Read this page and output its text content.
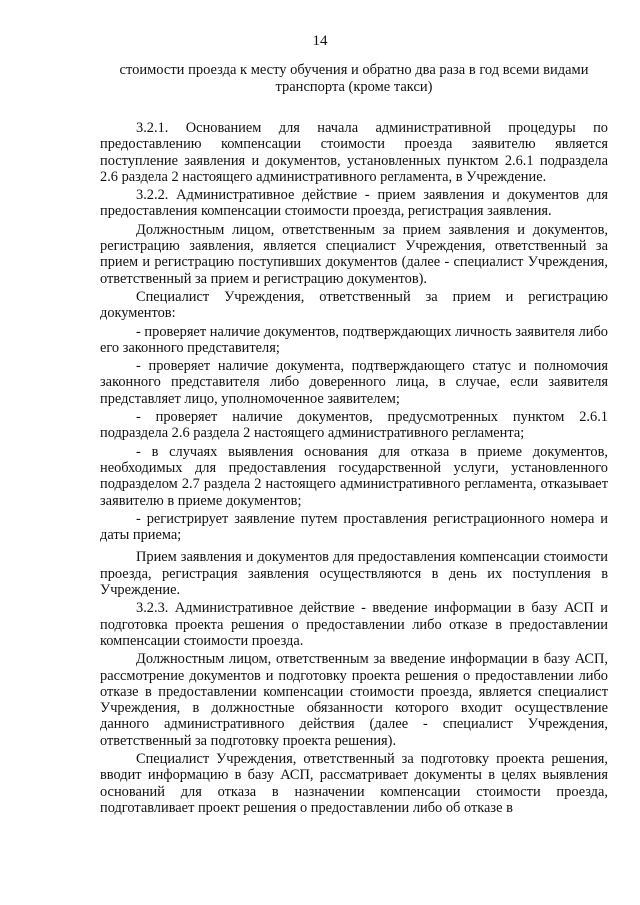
14
стоимости проезда к месту обучения и обратно два раза в год всеми видами транспорта (кроме такси)

3.2.1. Основанием для начала административной процедуры по предоставлению компенсации стоимости проезда заявителю является поступление заявления и документов, установленных пунктом 2.6.1 подраздела 2.6 раздела 2 настоящего административного регламента, в Учреждение.

3.2.2. Административное действие - прием заявления и документов для предоставления компенсации стоимости проезда, регистрация заявления.

Должностным лицом, ответственным за прием заявления и документов, регистрацию заявления, является специалист Учреждения, ответственный за прием и регистрацию поступивших документов (далее - специалист Учреждения, ответственный за прием и регистрацию документов).

Специалист Учреждения, ответственный за прием и регистрацию документов:

- проверяет наличие документов, подтверждающих личность заявителя либо его законного представителя;

- проверяет наличие документа, подтверждающего статус и полномочия законного представителя либо доверенного лица, в случае, если заявителя представляет лицо, уполномоченное заявителем;

- проверяет наличие документов, предусмотренных пунктом 2.6.1 подраздела 2.6 раздела 2 настоящего административного регламента;

- в случаях выявления основания для отказа в приеме документов, необходимых для предоставления государственной услуги, установленного подразделом 2.7 раздела 2 настоящего административного регламента, отказывает заявителю в приеме документов;

- регистрирует заявление путем проставления регистрационного номера и даты приема;

Прием заявления и документов для предоставления компенсации стоимости проезда, регистрация заявления осуществляются в день их поступления в Учреждение.

3.2.3. Административное действие - введение информации в базу АСП и подготовка проекта решения о предоставлении либо отказе в предоставлении компенсации стоимости проезда.

Должностным лицом, ответственным за введение информации в базу АСП, рассмотрение документов и подготовку проекта решения о предоставлении либо отказе в предоставлении компенсации стоимости проезда, является специалист Учреждения, в должностные обязанности которого входит осуществление данного административного действия (далее - специалист Учреждения, ответственный за подготовку проекта решения).

Специалист Учреждения, ответственный за подготовку проекта решения, вводит информацию в базу АСП, рассматривает документы в целях выявления оснований для отказа в назначении компенсации стоимости проезда, подготавливает проект решения о предоставлении либо об отказе в
